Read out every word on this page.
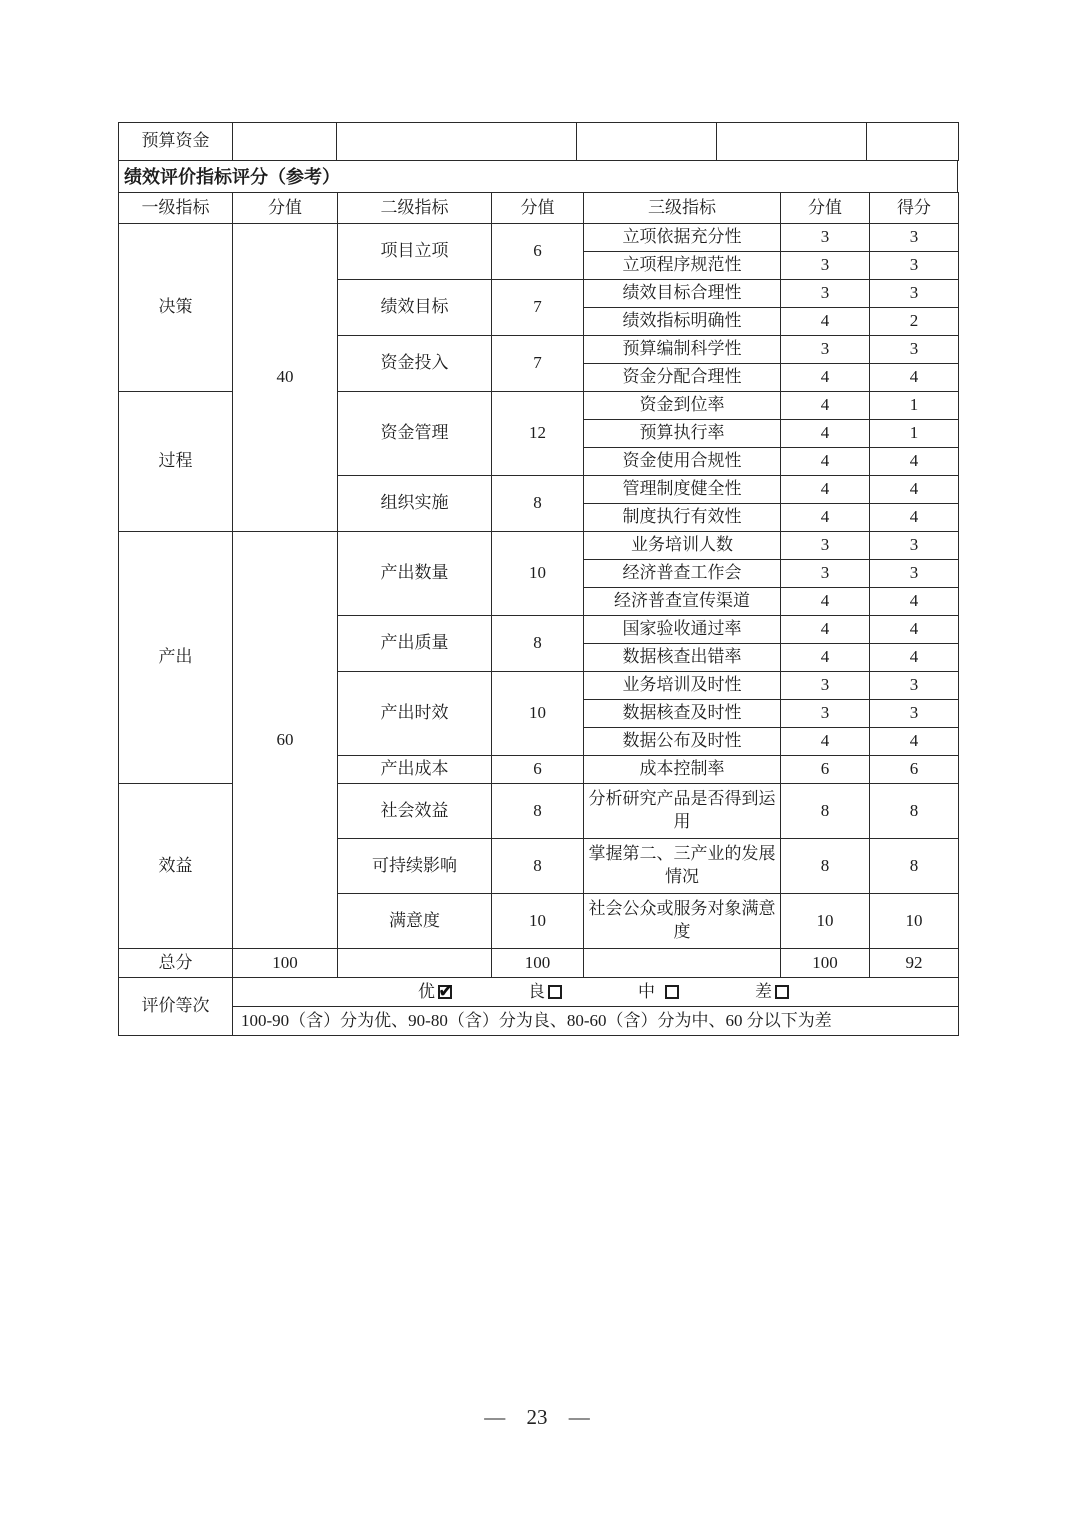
预算资金					
绩效评价指标评分（参考）
一级指标	分值	二级指标	分值	三级指标	分值	得分
决策	40	项目立项	6	立项依据充分性	3	3
				立项程序规范性	3	3
		绩效目标	7	绩效目标合理性	3	3
				绩效指标明确性	4	2
		资金投入	7	预算编制科学性	3	3
				资金分配合理性	4	4
过程		资金管理	12	资金到位率	4	1
				预算执行率	4	1
				资金使用合规性	4	4
		组织实施	8	管理制度健全性	4	4
				制度执行有效性	4	4
产出	60	产出数量	10	业务培训人数	3	3
				经济普查工作会	3	3
				经济普查宣传渠道	4	4
		产出质量	8	国家验收通过率	4	4
				数据核查出错率	4	4
		产出时效	10	业务培训及时性	3	3
				数据核查及时性	3	3
				数据公布及时性	4	4
		产出成本	6	成本控制率	6	6
效益		社会效益	8	分析研究产品是否得到运用	8	8
		可持续影响	8	掌握第二、三产业的发展情况	8	8
		满意度	10	社会公众或服务对象满意度	10	10
总分	100		100		100	92
评价等次	优 ✔ 良 中 差

	100-90（含）分为优、90-80（含）分为良、80-60（含）分为中、60 分以下为差					
— 23 —
